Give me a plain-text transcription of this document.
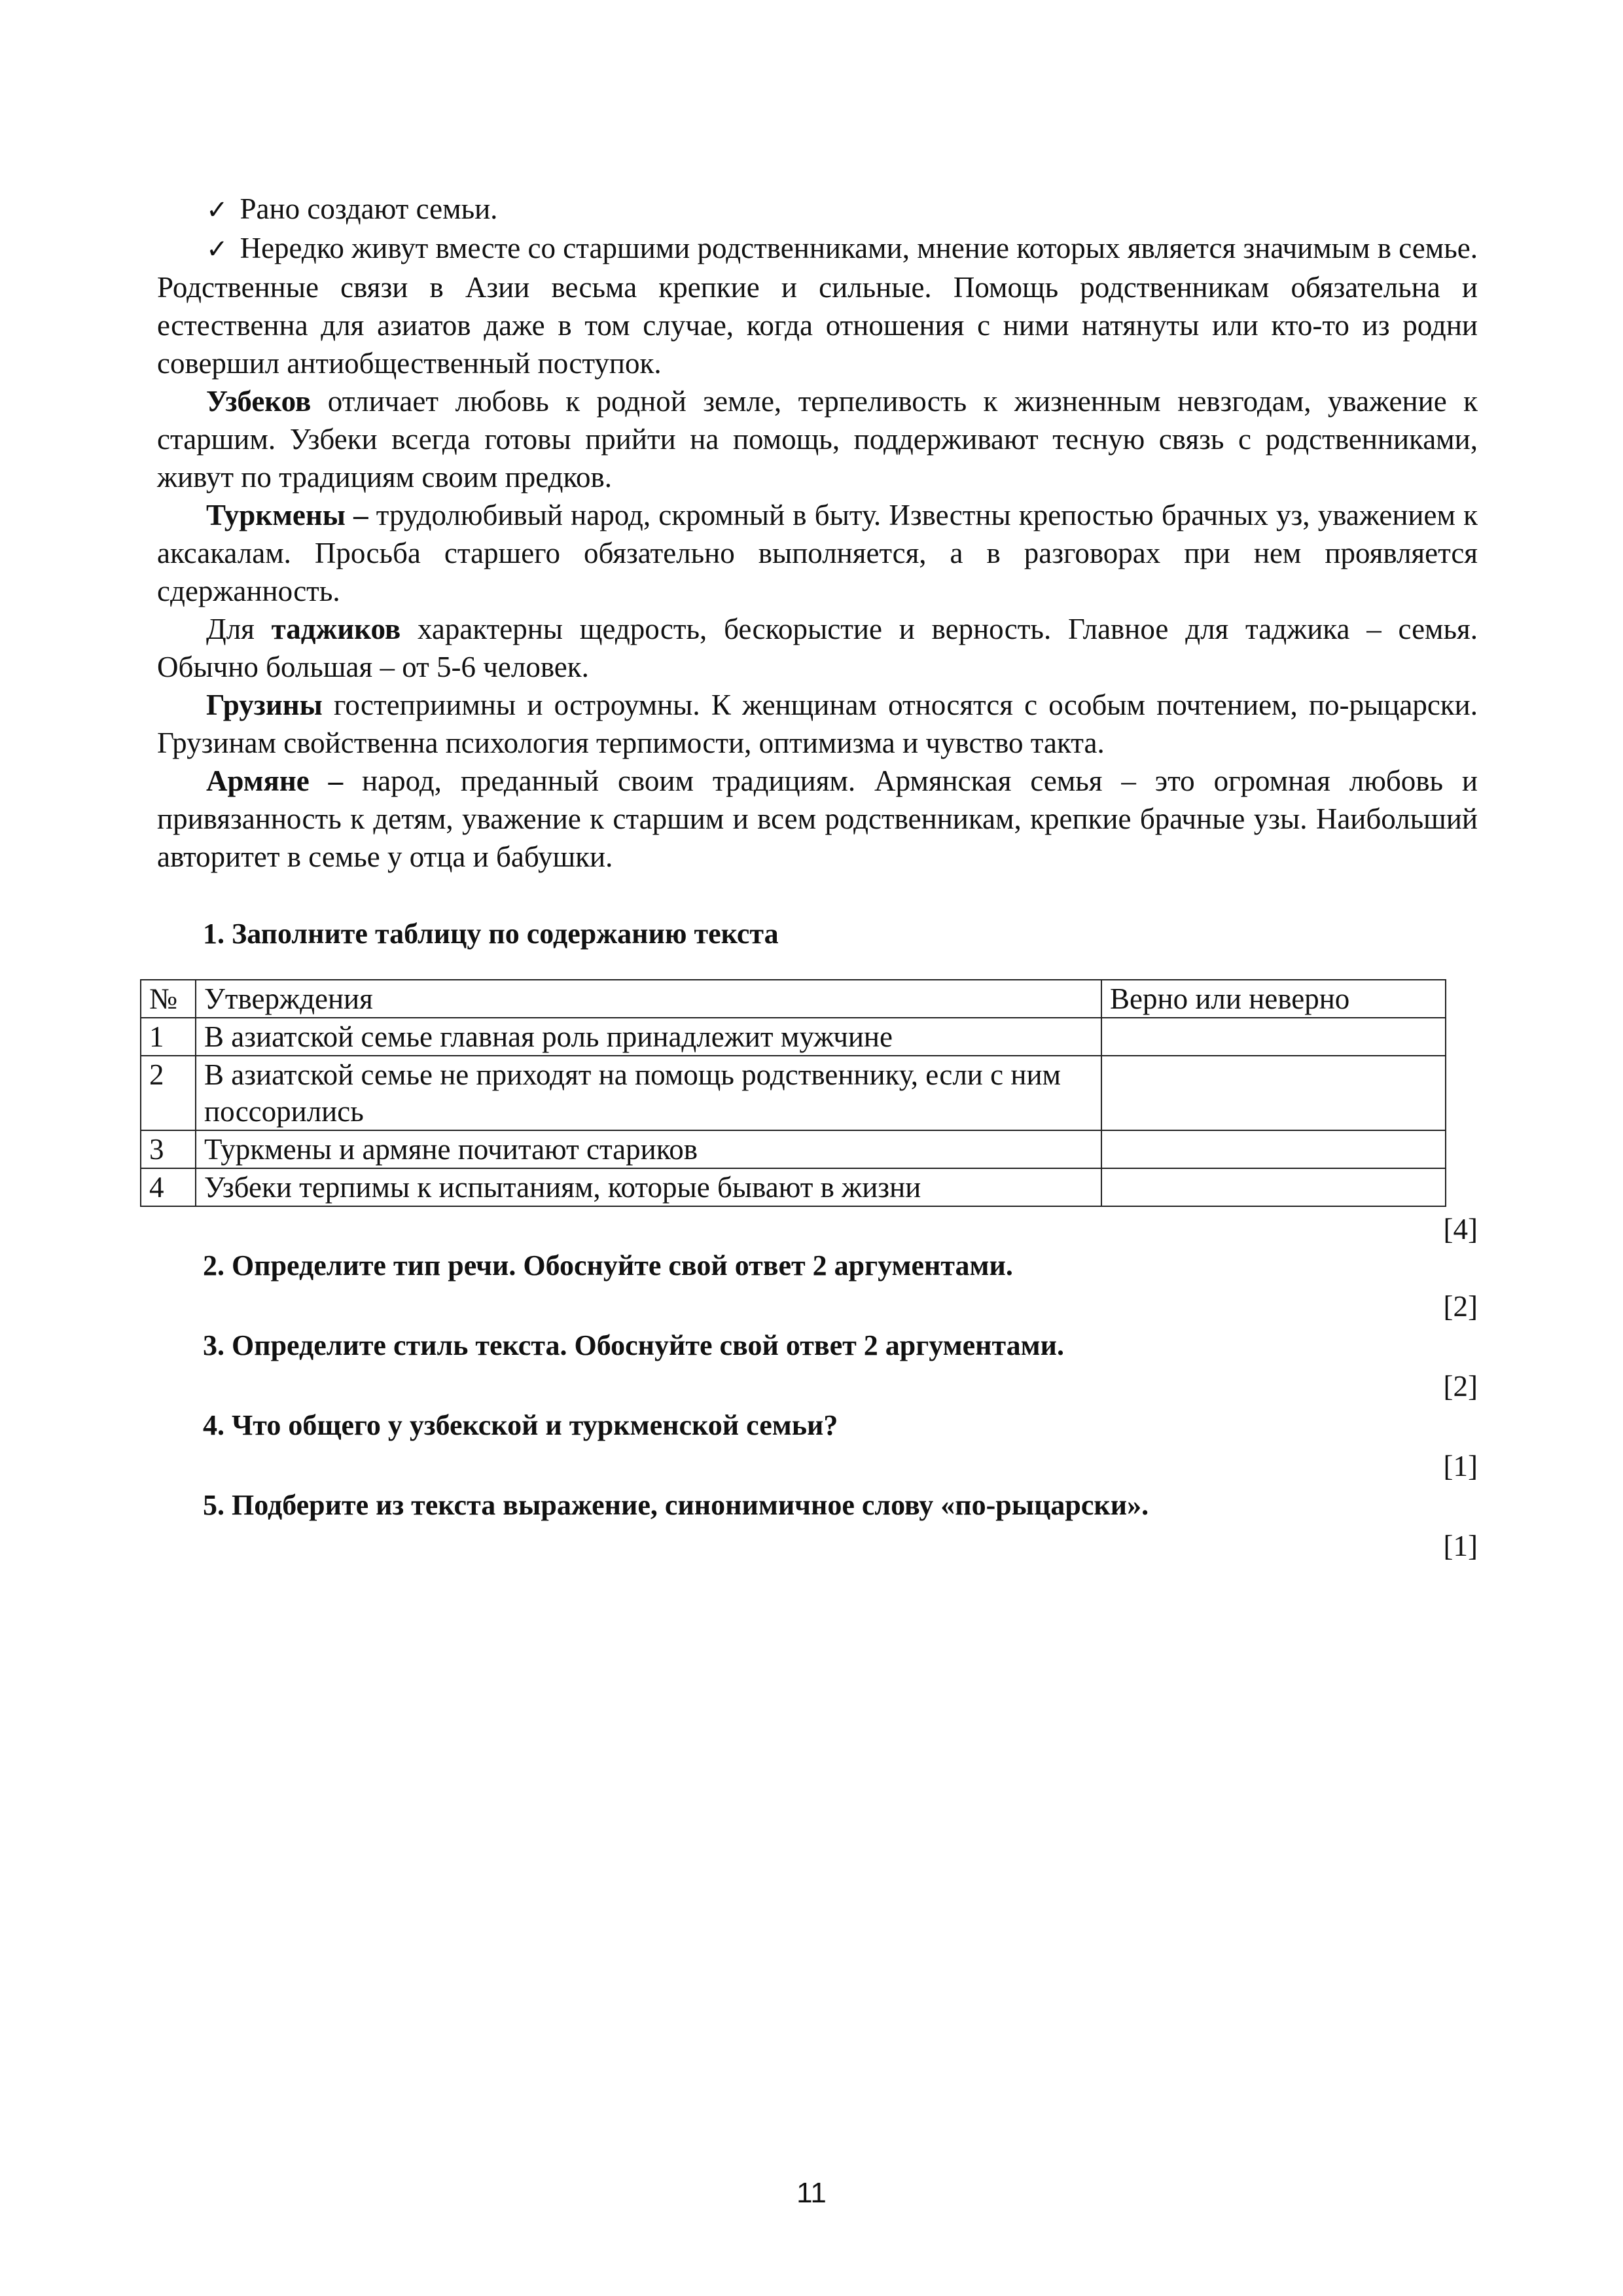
✓ Рано создают семьи.

✓ Нередко живут вместе со старшими родственниками, мнение которых является значимым в семье. Родственные связи в Азии весьма крепкие и сильные. Помощь родственникам обязательна и естественна для азиатов даже в том случае, когда отношения с ними натянуты или кто-то из родни совершил антиобщественный поступок.

Узбеков отличает любовь к родной земле, терпеливость к жизненным невзгодам, уважение к старшим. Узбеки всегда готовы прийти на помощь, поддерживают тесную связь с родственниками, живут по традициям своим предков.

Туркмены – трудолюбивый народ, скромный в быту. Известны крепостью брачных уз, уважением к аксакалам. Просьба старшего обязательно выполняется, а в разговорах при нем проявляется сдержанность.

Для таджиков характерны щедрость, бескорыстие и верность. Главное для таджика – семья. Обычно большая – от 5-6 человек.

Грузины гостеприимны и остроумны. К женщинам относятся с особым почтением, по-рыцарски. Грузинам свойственна психология терпимости, оптимизма и чувство такта.

Армяне – народ, преданный своим традициям. Армянская семья – это огромная любовь и привязанность к детям, уважение к старшим и всем родственникам, крепкие брачные узы. Наибольший авторитет в семье у отца и бабушки.

1. Заполните таблицу по содержанию текста
№	Утверждения	Верно или неверно
1	В азиатской семье главная роль принадлежит мужчине	
2	В азиатской семье не приходят на помощь родственнику, если с ним поссорились	
3	Туркмены и армяне почитают стариков	
4	Узбеки терпимы к испытаниям, которые бывают в жизни	
[4]
2. Определите тип речи. Обоснуйте свой ответ 2 аргументами.
[2]
3. Определите стиль текста. Обоснуйте свой ответ 2 аргументами.
[2]
4. Что общего у узбекской и туркменской семьи?
[1]
5. Подберите из текста выражение, синонимичное слову «по-рыцарски».
[1]
11
